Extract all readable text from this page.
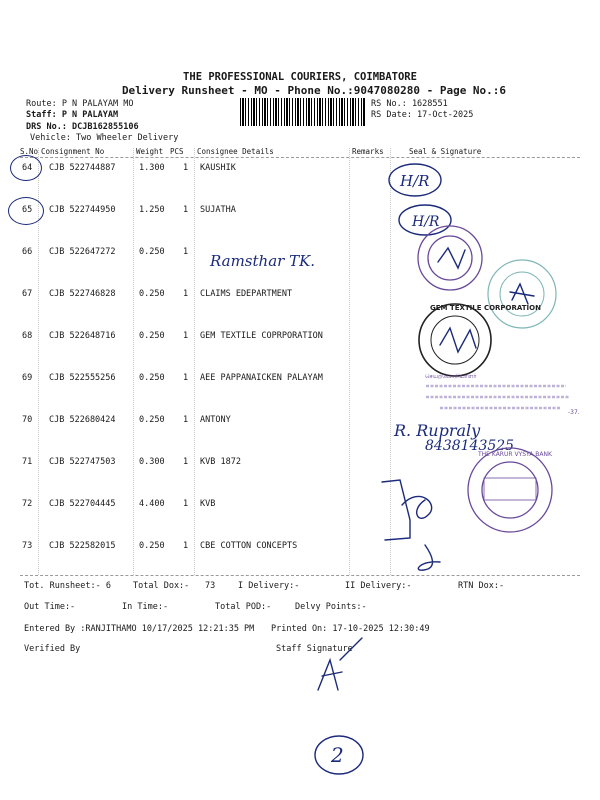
THE PROFESSIONAL COURIERS, COIMBATORE
Delivery Runsheet - MO - Phone No.:9047080280 - Page No.:6
Route: P N PALAYAM MO
Staff: P N PALAYAM
DRS No.: DCJB162855106
Vehicle: Two Wheeler Delivery
RS No.: 1628551
RS Date: 17-Oct-2025
S.No Consignment No	Weight PCS Consignee Details	Remarks	Seal & Signature
64 CJB 522744887	1.300 1 KAUSHIK
65 CJB 522744950	1.250 1 SUJATHA
66 CJB 522647272	0.250 1
67 CJB 522746828	0.250 1 CLAIMS EDEPARTMENT
68 CJB 522648716	0.250 1 GEM TEXTILE COPRPORATION
69 CJB 522555256	0.250 1 AEE PAPPANAICKEN PALAYAM
70 CJB 522680424	0.250 1 ANTONY
71 CJB 522747503	0.300 1 KVB 1872
72 CJB 522704445	4.400 1 KVB
73 CJB 522582015	0.250 1 CBE COTTON CONCEPTS
Tot. Runsheet:- 6	Total Dox:- 73	I Delivery:-	II Delivery:-	RTN Dox:-
Out Time:-	In Time:-	Total POD:-	Delvy Points:-
Entered By :RANJITHAMO 10/17/2025 12:21:35 PM Printed On: 17-10-2025 12:30:49
Verified By	Staff Signature
H/R
H/R
Ramsthar TK.
GEM TEXTILE CORPORATION
செயற்பொறியாளர்
-37.
R. Rupraly
8438143525
THE KARUR VYSYA BANK
2
